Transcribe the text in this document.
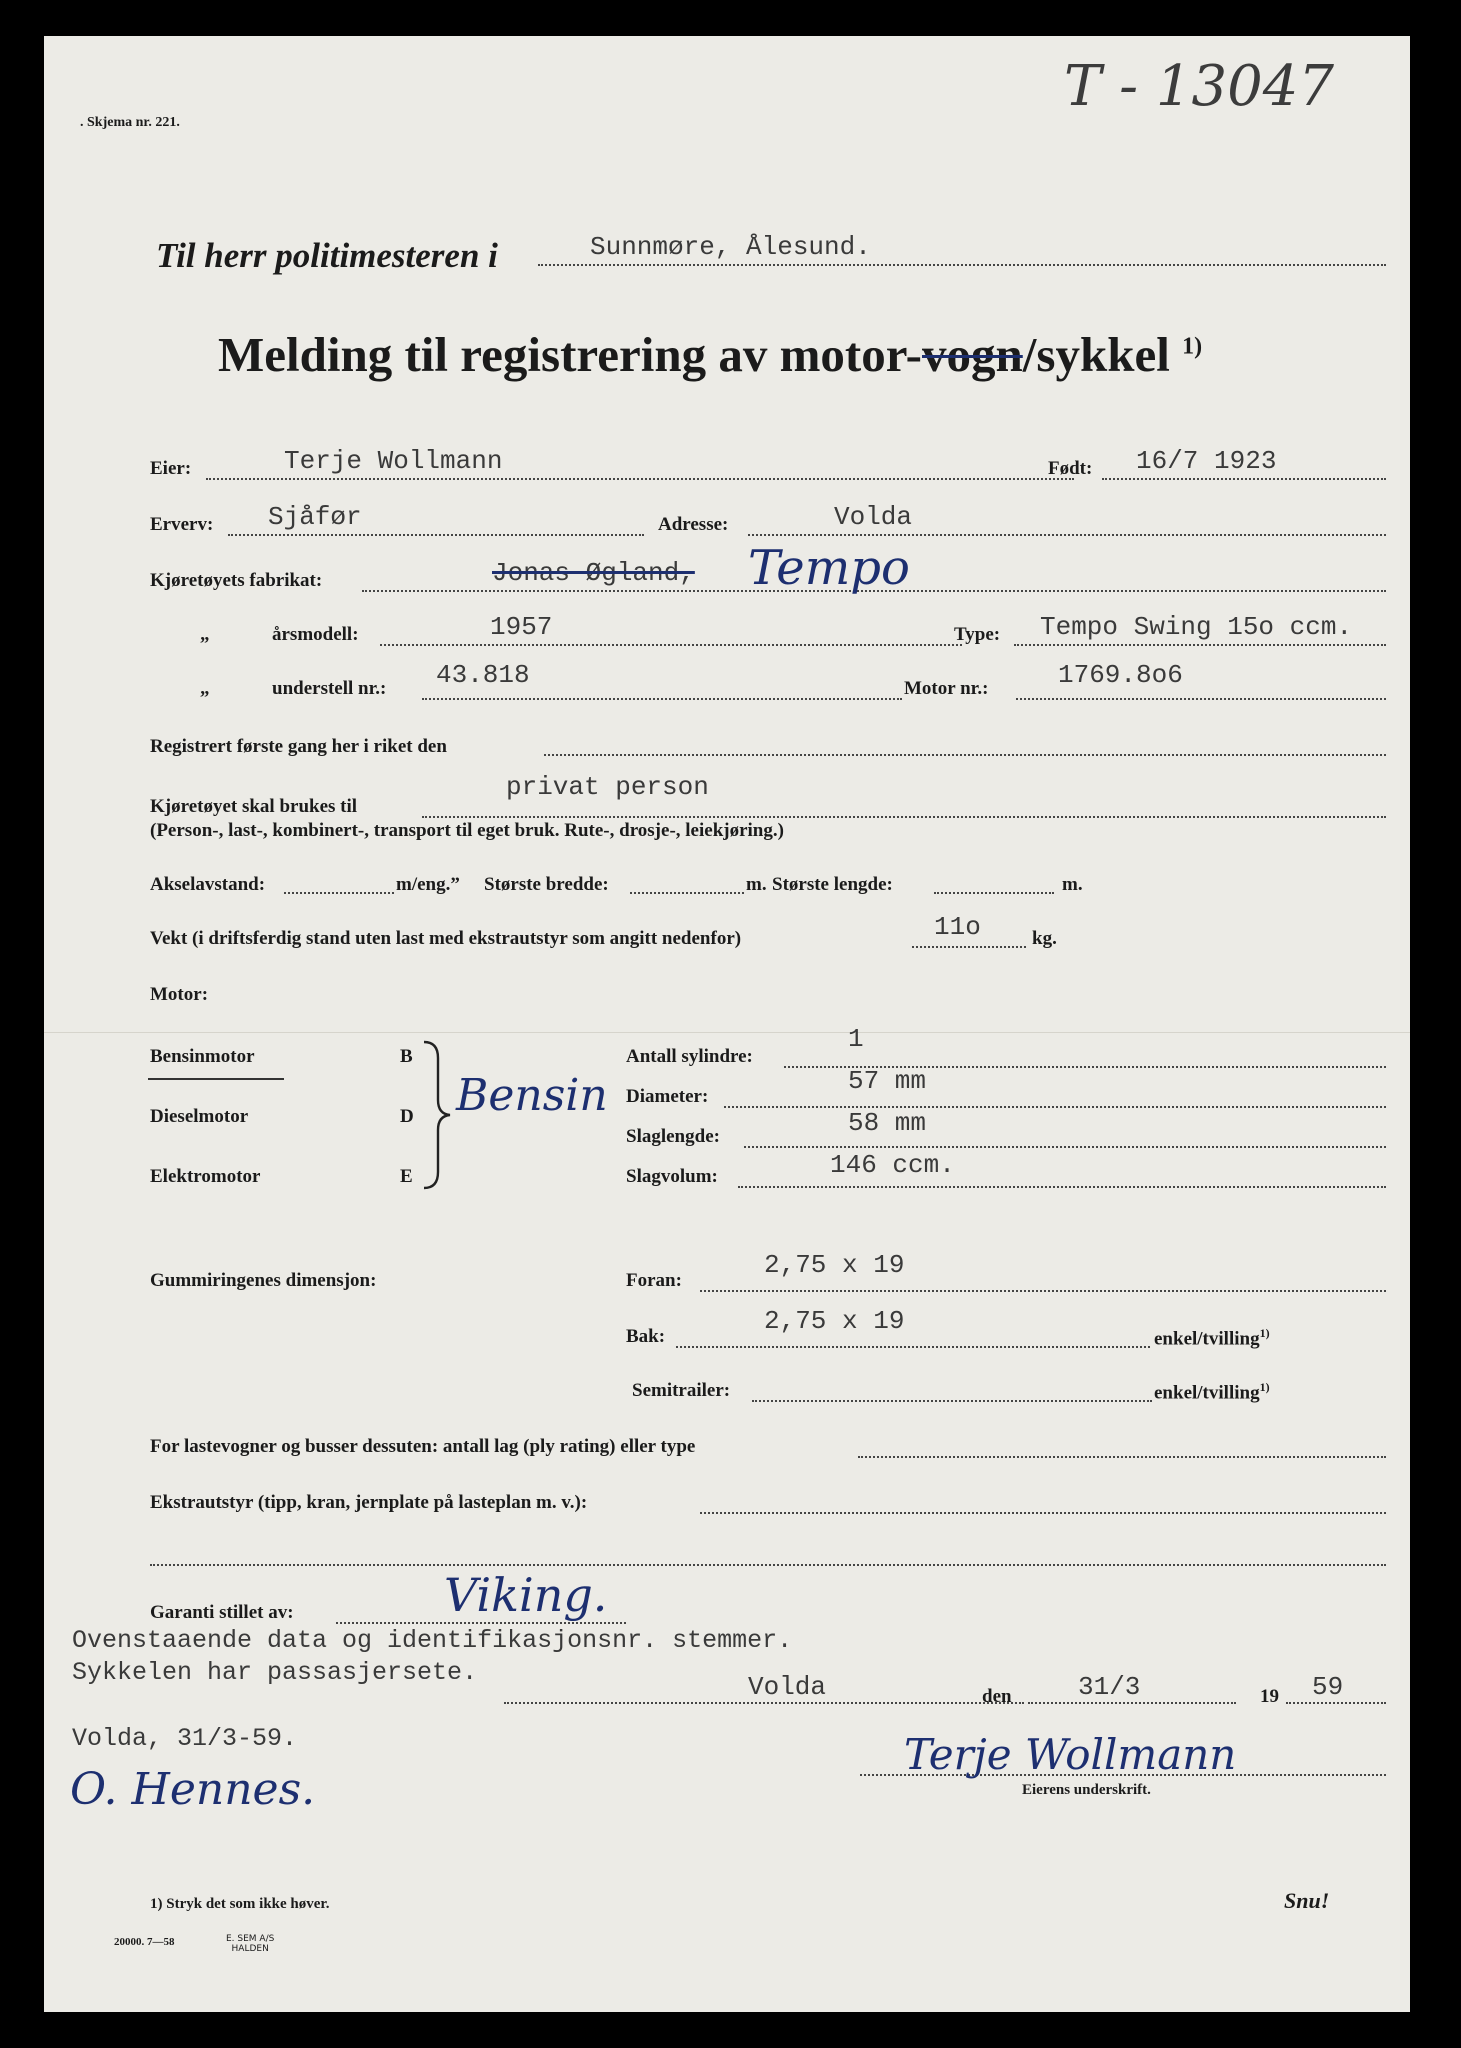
. Skjema nr. 221.
T - 13047
Til herr politimesteren i	Sunnmøre, Ålesund.
Melding til registrering av motor-vogn/sykkel $^{1)}$
Eier:	Terje Wollmann	Født: 16/7 1923
Erverv: Sjåfør	Adresse:	Volda
Kjøretøyets fabrikat:	Jonas Øgland, Tempo
„	årsmodell:	1957	Type: Tempo Swing 15o ccm.
„	understell nr.: 43.818	Motor nr.:	1769.8o6
Registrert første gang her i riket den
Kjøretøyet skal brukes til
privat person
(Person-, last-, kombinert-, transport til eget bruk. Rute-, drosje-, leiekjøring.)
Akselavstand:	m/eng.” Største bredde:	m. Største lengde:	m.
Vekt (i driftsferdig stand uten last med ekstrautstyr som angitt nedenfor)	11o	kg.
Motor:
Bensinmotor	B
Dieselmotor	D
Elektromotor	E
Bensin
Antall sylindre:
1
Diameter:
57 mm
Slaglengde:	58 mm
Slagvolum:	146 ccm.
Gummiringenes dimensjon:	Foran:
2,75 x 19
Bak:
2,75 x 19
enkel/tvilling$^{1)}$
Semitrailer:	enkel/tvilling$^{1)}$
For lastevogner og busser dessuten: antall lag (ply rating) eller type
Ekstrautstyr (tipp, kran, jernplate på lasteplan m. v.):
Garanti stillet av:	Viking.
Ovenstaaende data og identifikasjonsnr. stemmer.
Sykkelen har passasjersete.
Volda, 31/3-59.
O. Hennes.
Volda	den	31/3	19 59
Terje Wollmann
Eierens underskrift.
1) Stryk det som ikke høver.	Snu!
20000. 7—58	E. SEM A/S
HALDEN
